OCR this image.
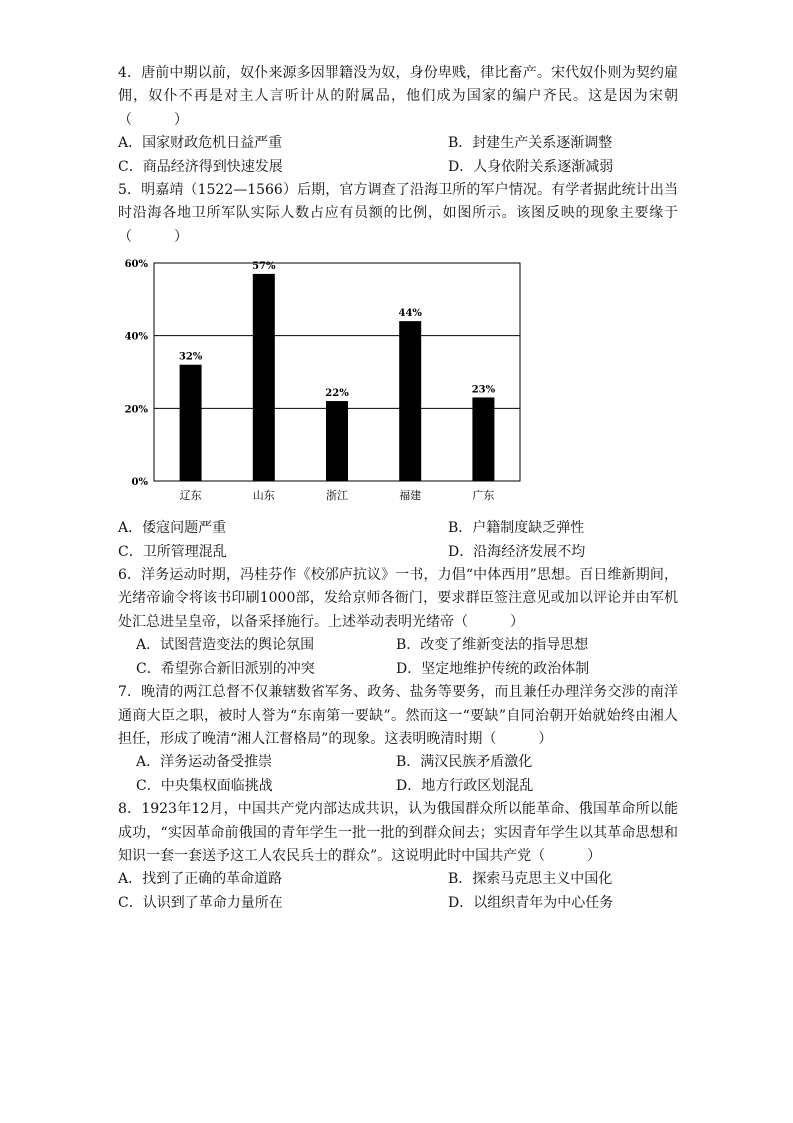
4．唐前中期以前，奴仆来源多因罪籍没为奴，身份卑贱，律比畜产。宋代奴仆则为契约雇佣，奴仆不再是对主人言听计从的附属品，他们成为国家的编户齐民。这是因为宋朝（　　　）

A．国家财政危机日益严重	B．封建生产关系逐渐调整
C．商品经济得到快速发展	D．人身依附关系逐渐减弱

5．明嘉靖（1522—1566）后期，官方调查了沿海卫所的军户情况。有学者据此统计出当时沿海各地卫所军队实际人数占应有员额的比例，如图所示。该图反映的现象主要缘于（　　　）

0%
20%
40%
60%
32%
辽东
57%
山东
22%
浙江
44%
福建
23%
广东
A．倭寇问题严重	B．户籍制度缺乏弹性
C．卫所管理混乱	D．沿海经济发展不均

6．洋务运动时期，冯桂芬作《校邠庐抗议》一书，力倡“中体西用”思想。百日维新期间，光绪帝谕令将该书印刷1000部，发给京师各衙门，要求群臣签注意见或加以评论并由军机处汇总进呈皇帝，以备采择施行。上述举动表明光绪帝（　　　）

A．试图营造变法的舆论氛围	B．改变了维新变法的指导思想
C．希望弥合新旧派别的冲突	D．坚定地维护传统的政治体制

7．晚清的两江总督不仅兼辖数省军务、政务、盐务等要务，而且兼任办理洋务交涉的南洋通商大臣之职，被时人誉为“东南第一要缺”。然而这一“要缺”自同治朝开始就始终由湘人担任，形成了晚清“湘人江督格局”的现象。这表明晚清时期（　　　）

A．洋务运动备受推崇	B．满汉民族矛盾激化
C．中央集权面临挑战	D．地方行政区划混乱

8．1923年12月，中国共产党内部达成共识，认为俄国群众所以能革命、俄国革命所以能成功，“实因革命前俄国的青年学生一批一批的到群众间去；实因青年学生以其革命思想和知识一套一套送予这工人农民兵士的群众”。这说明此时中国共产党（　　　）

A．找到了正确的革命道路	B．探索马克思主义中国化
C．认识到了革命力量所在	D．以组织青年为中心任务
